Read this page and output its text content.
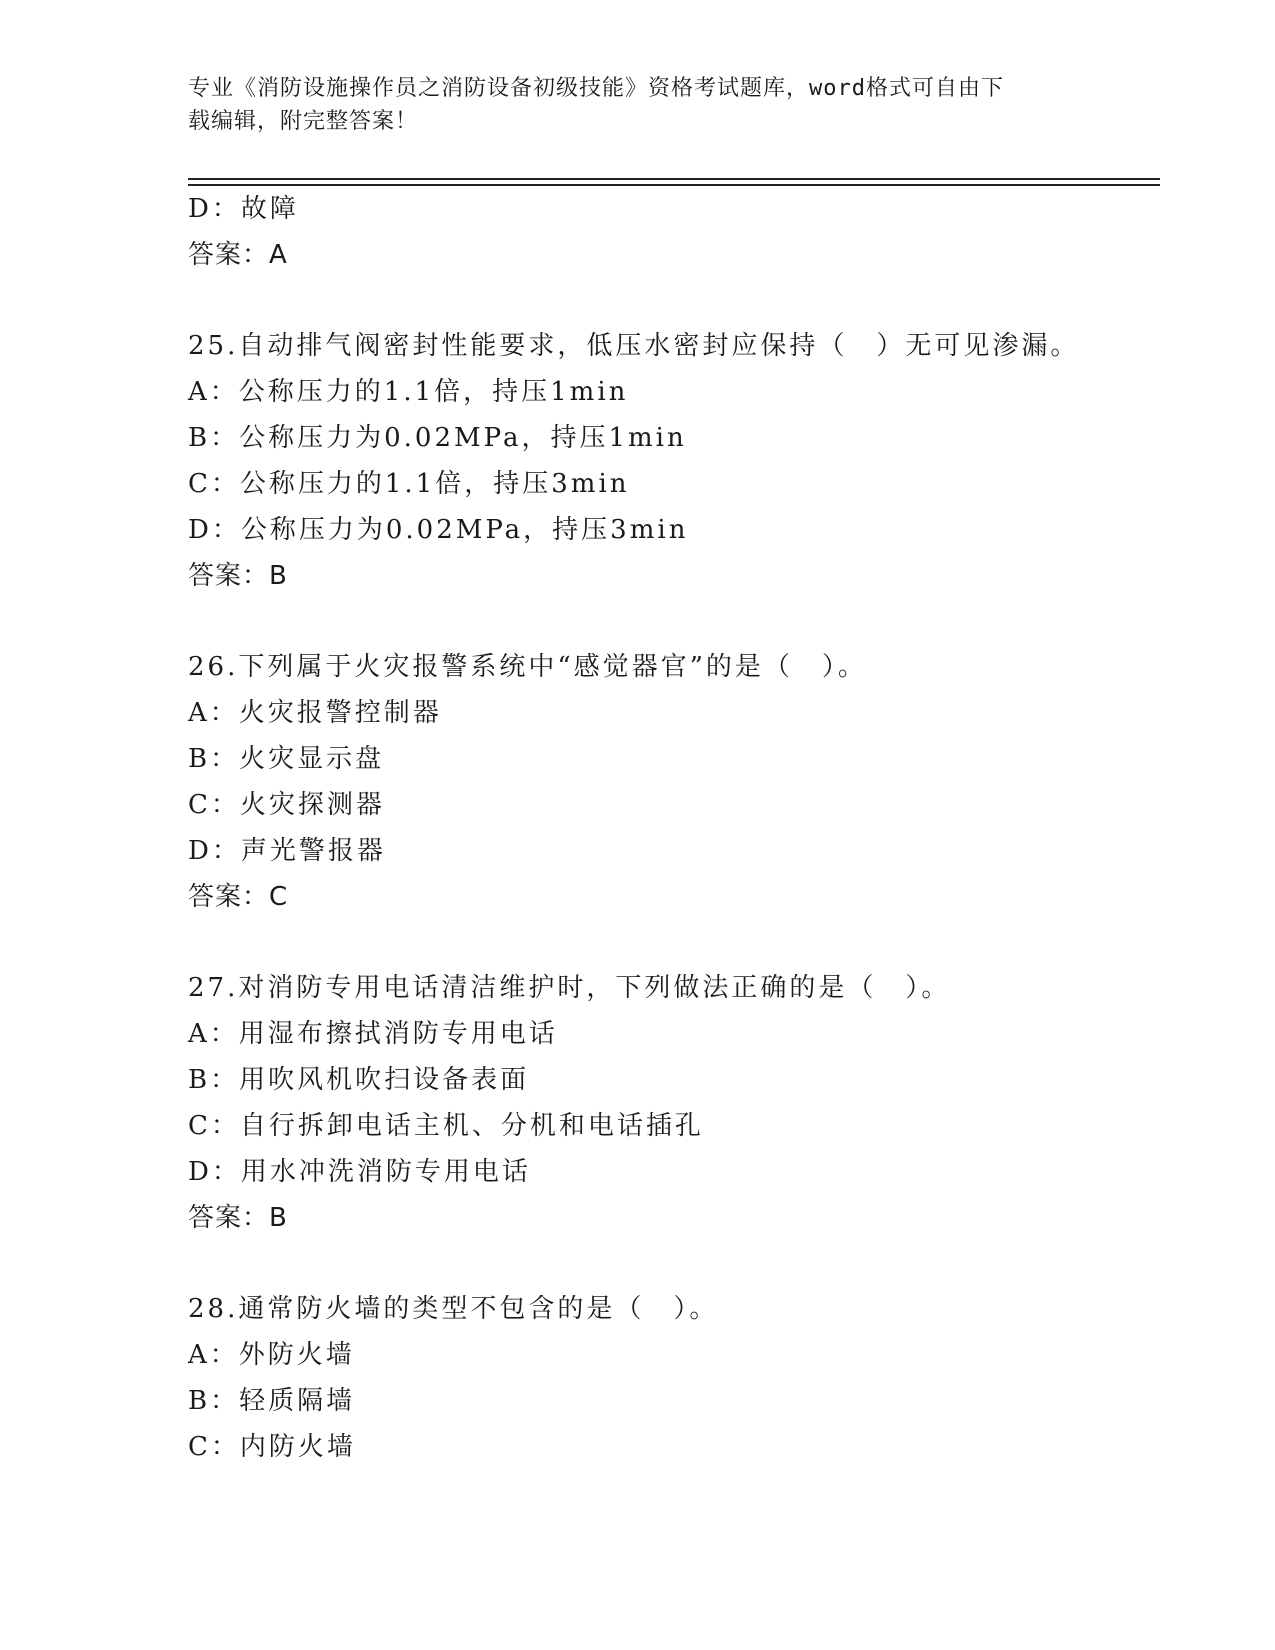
专业《消防设施操作员之消防设备初级技能》资格考试题库，word格式可自由下
载编辑，附完整答案！
D：故障
答案：A
25.自动排气阀密封性能要求，低压水密封应保持（　）无可见渗漏。
A：公称压力的1.1倍，持压1min
B：公称压力为0.02MPa，持压1min
C：公称压力的1.1倍，持压3min
D：公称压力为0.02MPa，持压3min
答案：B
26.下列属于火灾报警系统中“感觉器官”的是（　）。
A：火灾报警控制器
B：火灾显示盘
C：火灾探测器
D：声光警报器
答案：C
27.对消防专用电话清洁维护时，下列做法正确的是（　）。
A：用湿布擦拭消防专用电话
B：用吹风机吹扫设备表面
C：自行拆卸电话主机、分机和电话插孔
D：用水冲洗消防专用电话
答案：B
28.通常防火墙的类型不包含的是（　）。
A：外防火墙
B：轻质隔墙
C：内防火墙
